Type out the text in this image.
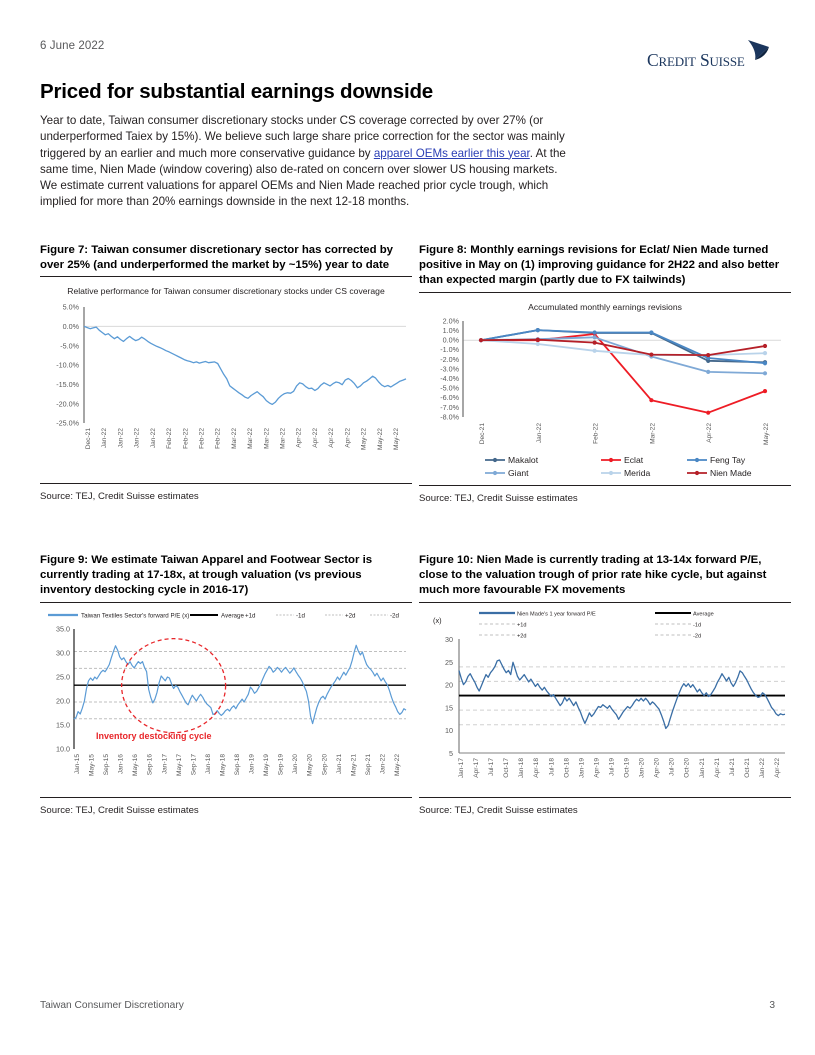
6 June 2022
CREDIT SUISSE
Priced for substantial earnings downside
Year to date, Taiwan consumer discretionary stocks under CS coverage corrected by over 27% (or underperformed Taiex by 15%). We believe such large share price correction for the sector was mainly triggered by an earlier and much more conservative guidance by apparel OEMs earlier this year. At the same time, Nien Made (window covering) also de-rated on concern over slower US housing markets. We estimate current valuations for apparel OEMs and Nien Made reached prior cycle trough, which implied for more than 20% earnings downside in the next 12-18 months.
Figure 7: Taiwan consumer discretionary sector has corrected by over 25% (and underperformed the market by ~15%) year to date
Relative performance for Taiwan consumer discretionary stocks under CS coverage
5.0%
0.0%
-5.0%
-10.0%
-15.0%
-20.0%
-25.0%
Dec-21 Jan-22 Jan-22 Jan-22 Jan-22 Feb-22 Feb-22 Feb-22 Feb-22 Mar-22 Mar-22 Mar-22 Mar-22 Apr-22 Apr-22 Apr-22 Apr-22 May-22 May-22 May-22
Source: TEJ, Credit Suisse estimates
Figure 8: Monthly earnings revisions for Eclat/ Nien Made turned positive in May on (1) improving guidance for 2H22 and also better than expected margin (partly due to FX tailwinds)
Accumulated monthly earnings revisions
2.0%
1.0%
0.0%
-1.0%
-2.0%
-3.0%
-4.0%
-5.0%
-6.0%
-7.0%
-8.0%
Dec-21	Jan-22	Feb-22	Mar-22	Apr-22	May-22
Makalot	Eclat	Feng Tay
Giant	Merida	Nien Made
Source: TEJ, Credit Suisse estimates
Figure 9: We estimate Taiwan Apparel and Footwear Sector is currently trading at 17-18x, at trough valuation (vs previous inventory destocking cycle in 2016-17)
Taiwan Textiles Sector's forward P/E (x)	Average +1d	-1d	+2d	-2d
35.0
30.0
25.0
20.0
15.0
10.0
Inventory destocking cycle
Jan-15 May-15 Sep-15 Jan-16 May-16 Sep-16 Jan-17 May-17 Sep-17 Jan-18 May-18 Sep-18 Jan-19 May-19 Sep-19 Jan-20 May-20 Sep-20 Jan-21 May-21 Sep-21 Jan-22 May-22
Source: TEJ, Credit Suisse estimates
Figure 10: Nien Made is currently trading at 13-14x forward P/E, close to the valuation trough of prior rate hike cycle, but against much more favourable FX movements
(x)
Nien Made's 1 year forward P/E	Average
+1d	-1d
+2d	-2d
30
25
20
15
10
5
Jan-17 Apr-17 Jul-17 Oct-17 Jan-18 Apr-18 Jul-18 Oct-18 Jan-19 Apr-19 Jul-19 Oct-19 Jan-20 Apr-20 Jul-20 Oct-20 Jan-21 Apr-21 Jul-21 Oct-21 Jan-22 Apr-22
Source: TEJ, Credit Suisse estimates
Taiwan Consumer Discretionary	3
